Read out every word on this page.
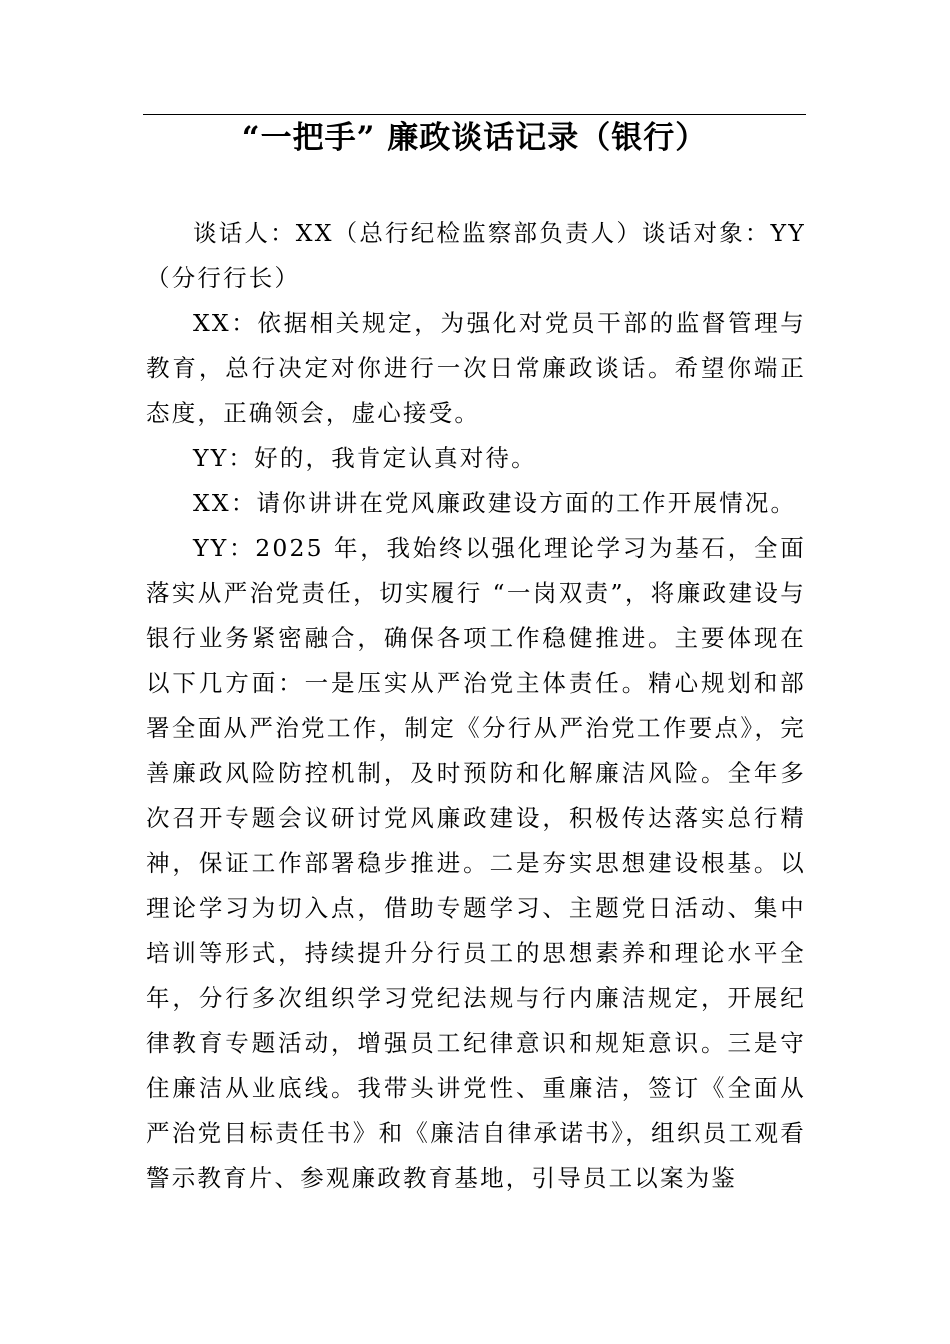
“一把手” 廉政谈话记录（银行）

谈话人：XX（总行纪检监察部负责人）谈话对象：YY（分行行长）

XX：依据相关规定，为强化对党员干部的监督管理与教育，总行决定对你进行一次日常廉政谈话。希望你端正态度，正确领会，虚心接受。

YY：好的，我肯定认真对待。

XX：请你讲讲在党风廉政建设方面的工作开展情况。

YY：2025 年，我始终以强化理论学习为基石，全面落实从严治党责任，切实履行 “一岗双责”，将廉政建设与银行业务紧密融合，确保各项工作稳健推进。主要体现在以下几方面：一是压实从严治党主体责任。精心规划和部署全面从严治党工作，制定《分行从严治党工作要点》，完善廉政风险防控机制，及时预防和化解廉洁风险。全年多次召开专题会议研讨党风廉政建设，积极传达落实总行精神，保证工作部署稳步推进。二是夯实思想建设根基。以理论学习为切入点，借助专题学习、主题党日活动、集中培训等形式，持续提升分行员工的思想素养和理论水平全年，分行多次组织学习党纪法规与行内廉洁规定，开展纪律教育专题活动，增强员工纪律意识和规矩意识。三是守住廉洁从业底线。我带头讲党性、重廉洁，签订《全面从严治党目标责任书》和《廉洁自律承诺书》，组织员工观看警示教育片、参观廉政教育基地，引导员工以案为鉴
